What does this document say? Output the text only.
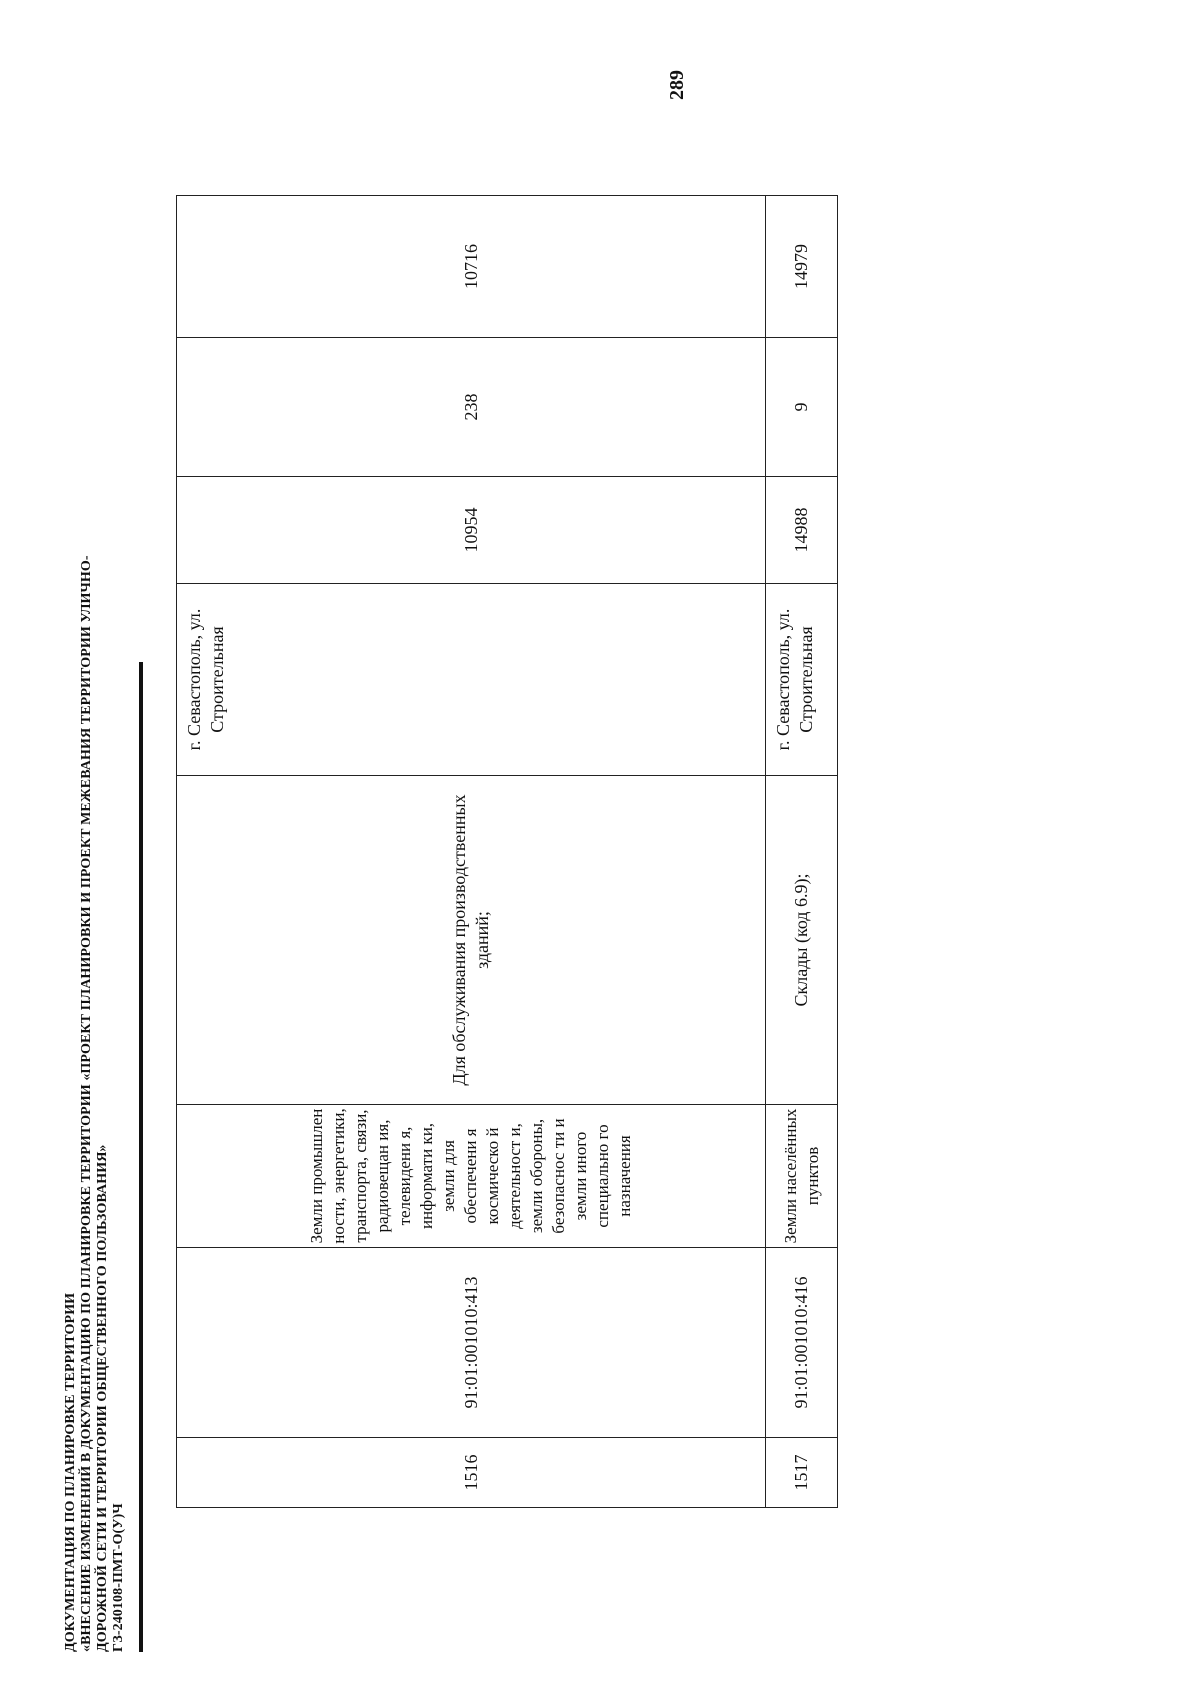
289
ДОКУМЕНТАЦИЯ ПО ПЛАНИРОВКЕ ТЕРРИТОРИИ «ВНЕСЕНИЕ ИЗМЕНЕНИЙ В ДОКУМЕНТАЦИЮ ПО ПЛАНИРОВКЕ ТЕРРИТОРИИ «ПРОЕКТ ПЛАНИРОВКИ И ПРОЕКТ МЕЖЕВАНИЯ ТЕРРИТОРИИ УЛИЧНО- ДОРОЖНОЙ СЕТИ И ТЕРРИТОРИИ ОБЩЕСТВЕННОГО ПОЛЬЗОВАНИЯ» ГЗ-240108-ПМТ-О(У)Ч
1516	91:01:001010:413	Земли промышлен ности, энергетики, транспорта, связи, радиовещан ия, телевидени я, информати ки, земли для обеспечени я космическо й деятельност и, земли обороны, безопаснос ти и земли иного специально го назначения	Для обслуживания производственных зданий;	г. Севастополь, ул. Строительная	10954	238	10716
1517	91:01:001010:416	Земли населённых пунктов	Склады (код 6.9);	г. Севастополь, ул. Строительная	14988	9	14979
